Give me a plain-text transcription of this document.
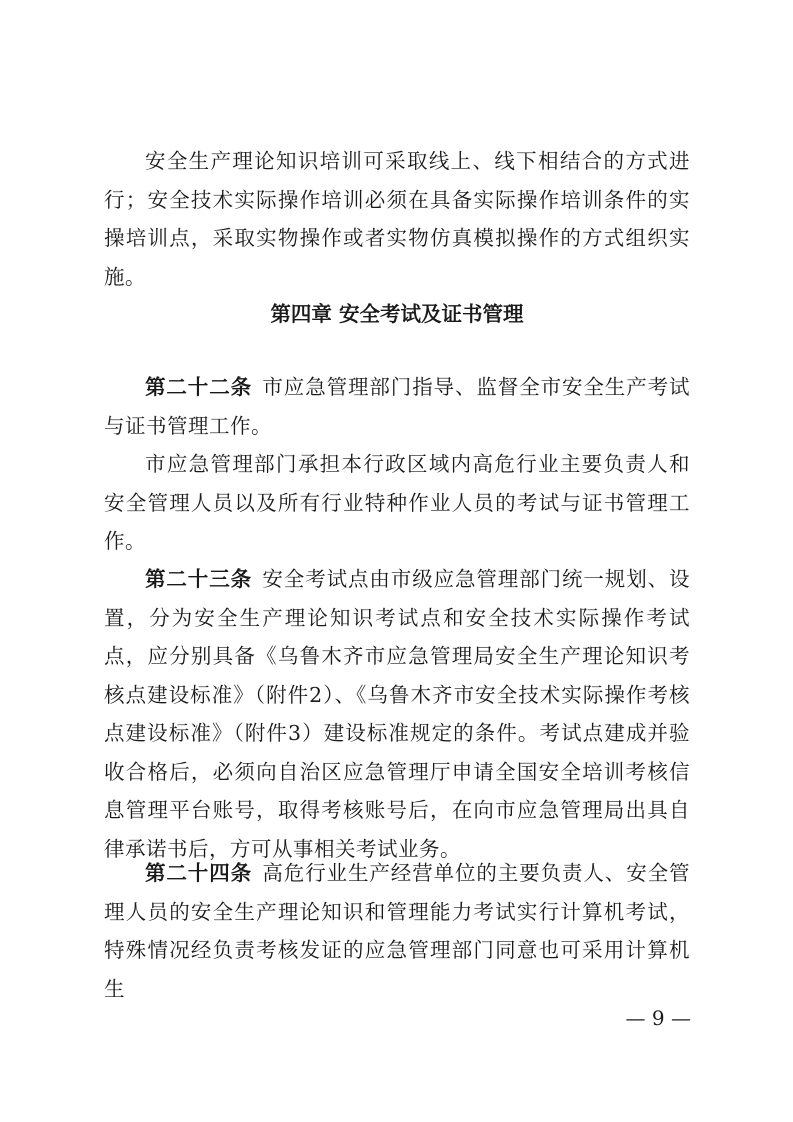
安全生产理论知识培训可采取线上、线下相结合的方式进行；安全技术实际操作培训必须在具备实际操作培训条件的实操培训点，采取实物操作或者实物仿真模拟操作的方式组织实施。

第四章 安全考试及证书管理

第二十二条 市应急管理部门指导、监督全市安全生产考试与证书管理工作。

市应急管理部门承担本行政区域内高危行业主要负责人和安全管理人员以及所有行业特种作业人员的考试与证书管理工作。

第二十三条 安全考试点由市级应急管理部门统一规划、设置，分为安全生产理论知识考试点和安全技术实际操作考试点，应分别具备《乌鲁木齐市应急管理局安全生产理论知识考核点建设标准》（附件2）、《乌鲁木齐市安全技术实际操作考核点建设标准》（附件3）建设标准规定的条件。考试点建成并验收合格后，必须向自治区应急管理厅申请全国安全培训考核信息管理平台账号，取得考核账号后，在向市应急管理局出具自律承诺书后，方可从事相关考试业务。

第二十四条 高危行业生产经营单位的主要负责人、安全管理人员的安全生产理论知识和管理能力考试实行计算机考试，特殊情况经负责考核发证的应急管理部门同意也可采用计算机生

— 9 —
